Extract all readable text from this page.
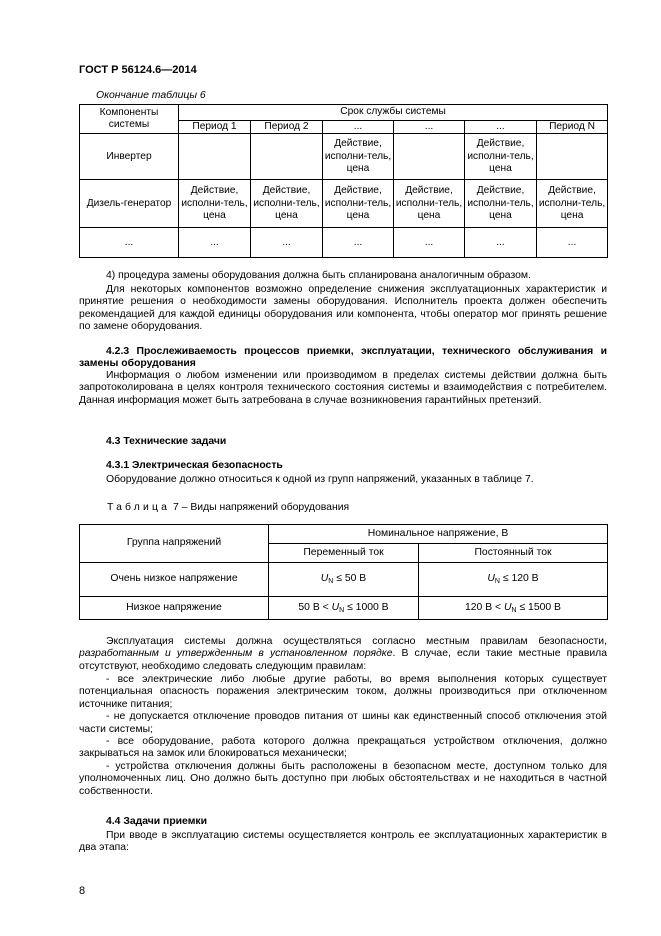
ГОСТ Р 56124.6—2014
Окончание таблицы 6
Компоненты системы	Срок службы системы					
	Период 1	Период 2	...	...	...	Период N
Инвертер			Действие, исполни-тель, цена		Действие, исполни-тель, цена	
Дизель-генератор	Действие, исполни-тель, цена	Действие, исполни-тель, цена	Действие, исполни-тель, цена	Действие, исполни-тель, цена	Действие, исполни-тель, цена	Действие, исполни-тель, цена
...	...	...	...	...	...	...

4) процедура замены оборудования должна быть спланирована аналогичным образом.

Для некоторых компонентов возможно определение снижения эксплуатационных характеристик и принятие решения о необходимости замены оборудования. Исполнитель проекта должен обеспечить рекомендацией для каждой единицы оборудования или компонента, чтобы оператор мог принять решение по замене оборудования.

4.2.3 Прослеживаемость процессов приемки, эксплуатации, технического обслуживания и замены оборудования

Информация о любом изменении или производимом в пределах системы действии должна быть запротоколирована в целях контроля технического состояния системы и взаимодействия с потребителем. Данная информация может быть затребована в случае возникновения гарантийных претензий.

4.3 Технические задачи

4.3.1 Электрическая безопасность

Оборудование должно относиться к одной из групп напряжений, указанных в таблице 7.

Таблица 7 – Виды напряжений оборудования
Группа напряжений	Номинальное напряжение, В	
	Переменный ток	Постоянный ток
Очень низкое напряжение	$U_N \le 50$ В	$U_N \le 120$ В
Низкое напряжение	50 $В < U_N \le 1000$ В	120 $В < U_N \le 1500$ В

Эксплуатация системы должна осуществляться согласно местным правилам безопасности, разработанным и утвержденным в установленном порядке. В случае, если такие местные правила отсутствуют, необходимо следовать следующим правилам:

- все электрические либо любые другие работы, во время выполнения которых существует потенциальная опасность поражения электрическим током, должны производиться при отключенном источнике питания;

- не допускается отключение проводов питания от шины как единственный способ отключения этой части системы;

- все оборудование, работа которого должна прекращаться устройством отключения, должно закрываться на замок или блокироваться механически;

- устройства отключения должны быть расположены в безопасном месте, доступном только для уполномоченных лиц. Оно должно быть доступно при любых обстоятельствах и не находиться в частной собственности.

4.4 Задачи приемки

При вводе в эксплуатацию системы осуществляется контроль ее эксплуатационных характеристик в два этапа:

8
